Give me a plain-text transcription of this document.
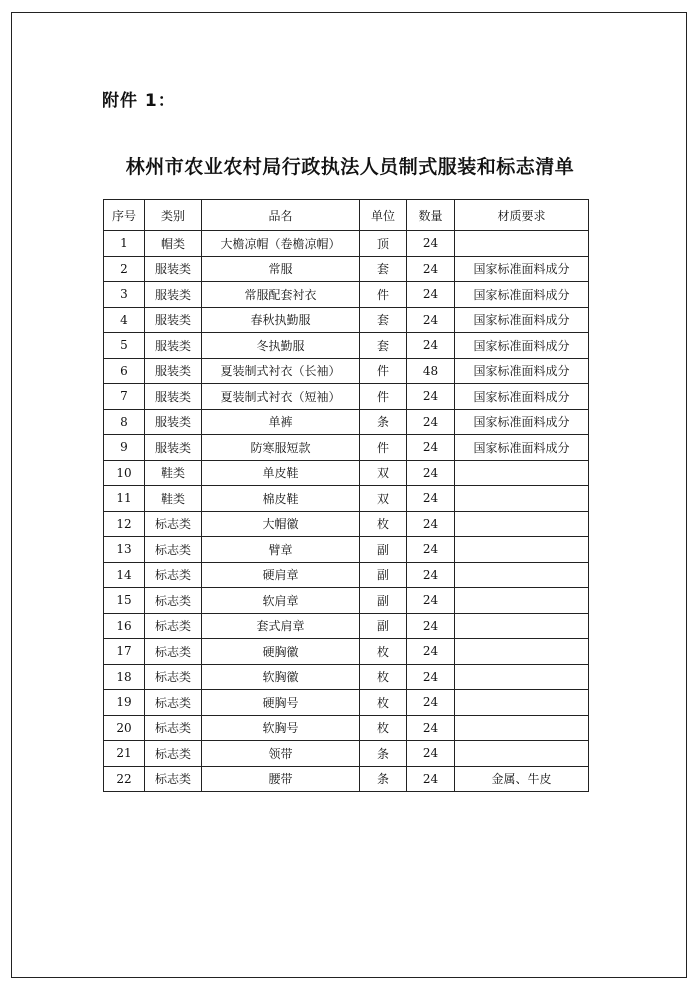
附件 1：
林州市农业农村局行政执法人员制式服装和标志清单
序号	类别	品名	单位	数量	材质要求
1	帽类	大檐凉帽（卷檐凉帽）	顶	24	
2	服装类	常服	套	24	国家标准面料成分
3	服装类	常服配套衬衣	件	24	国家标准面料成分
4	服装类	春秋执勤服	套	24	国家标准面料成分
5	服装类	冬执勤服	套	24	国家标准面料成分
6	服装类	夏装制式衬衣（长袖）	件	48	国家标准面料成分
7	服装类	夏装制式衬衣（短袖）	件	24	国家标准面料成分
8	服装类	单裤	条	24	国家标准面料成分
9	服装类	防寒服短款	件	24	国家标准面料成分
10	鞋类	单皮鞋	双	24	
11	鞋类	棉皮鞋	双	24	
12	标志类	大帽徽	枚	24	
13	标志类	臂章	副	24	
14	标志类	硬肩章	副	24	
15	标志类	软肩章	副	24	
16	标志类	套式肩章	副	24	
17	标志类	硬胸徽	枚	24	
18	标志类	软胸徽	枚	24	
19	标志类	硬胸号	枚	24	
20	标志类	软胸号	枚	24	
21	标志类	领带	条	24	
22	标志类	腰带	条	24	金属、牛皮
